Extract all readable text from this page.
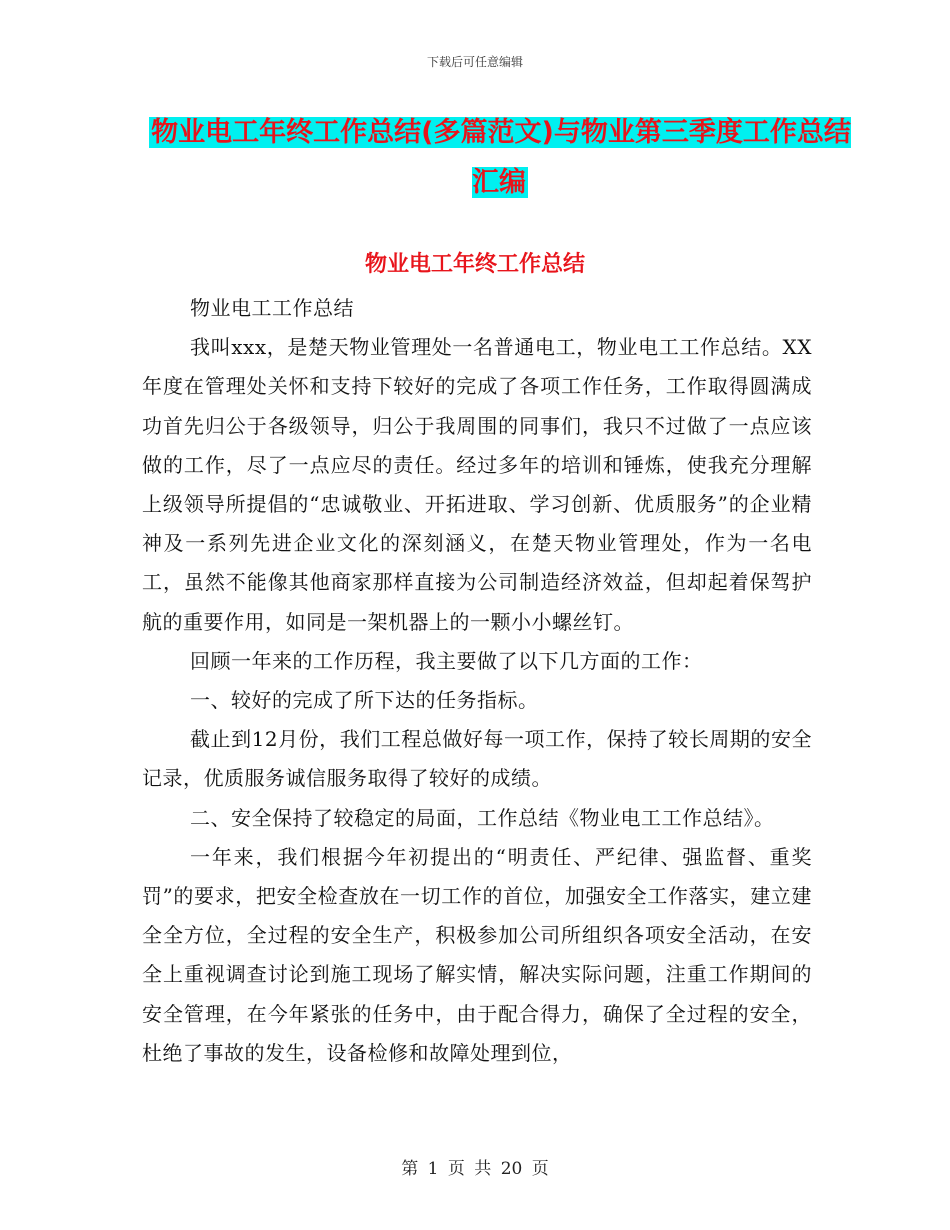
下载后可任意编辑
物业电工年终工作总结(多篇范文)与物业第三季度工作总结汇编
物业电工年终工作总结

物业电工工作总结

我叫xxx，是楚天物业管理处一名普通电工，物业电工工作总结。XX年度在管理处关怀和支持下较好的完成了各项工作任务，工作取得圆满成功首先归公于各级领导，归公于我周围的同事们，我只不过做了一点应该做的工作，尽了一点应尽的责任。经过多年的培训和锤炼，使我充分理解上级领导所提倡的“忠诚敬业、开拓进取、学习创新、优质服务”的企业精神及一系列先进企业文化的深刻涵义，在楚天物业管理处，作为一名电工，虽然不能像其他商家那样直接为公司制造经济效益，但却起着保驾护航的重要作用，如同是一架机器上的一颗小小螺丝钉。

回顾一年来的工作历程，我主要做了以下几方面的工作：

一、较好的完成了所下达的任务指标。

截止到12月份，我们工程总做好每一项工作，保持了较长周期的安全记录，优质服务诚信服务取得了较好的成绩。

二、安全保持了较稳定的局面，工作总结《物业电工工作总结》。

一年来，我们根据今年初提出的“明责任、严纪律、强监督、重奖罚”的要求，把安全检查放在一切工作的首位，加强安全工作落实，建立建全全方位，全过程的安全生产，积极参加公司所组织各项安全活动，在安全上重视调查讨论到施工现场了解实情，解决实际问题，注重工作期间的安全管理，在今年紧张的任务中，由于配合得力，确保了全过程的安全，杜绝了事故的发生，设备检修和故障处理到位，

第 1 页 共 20 页
